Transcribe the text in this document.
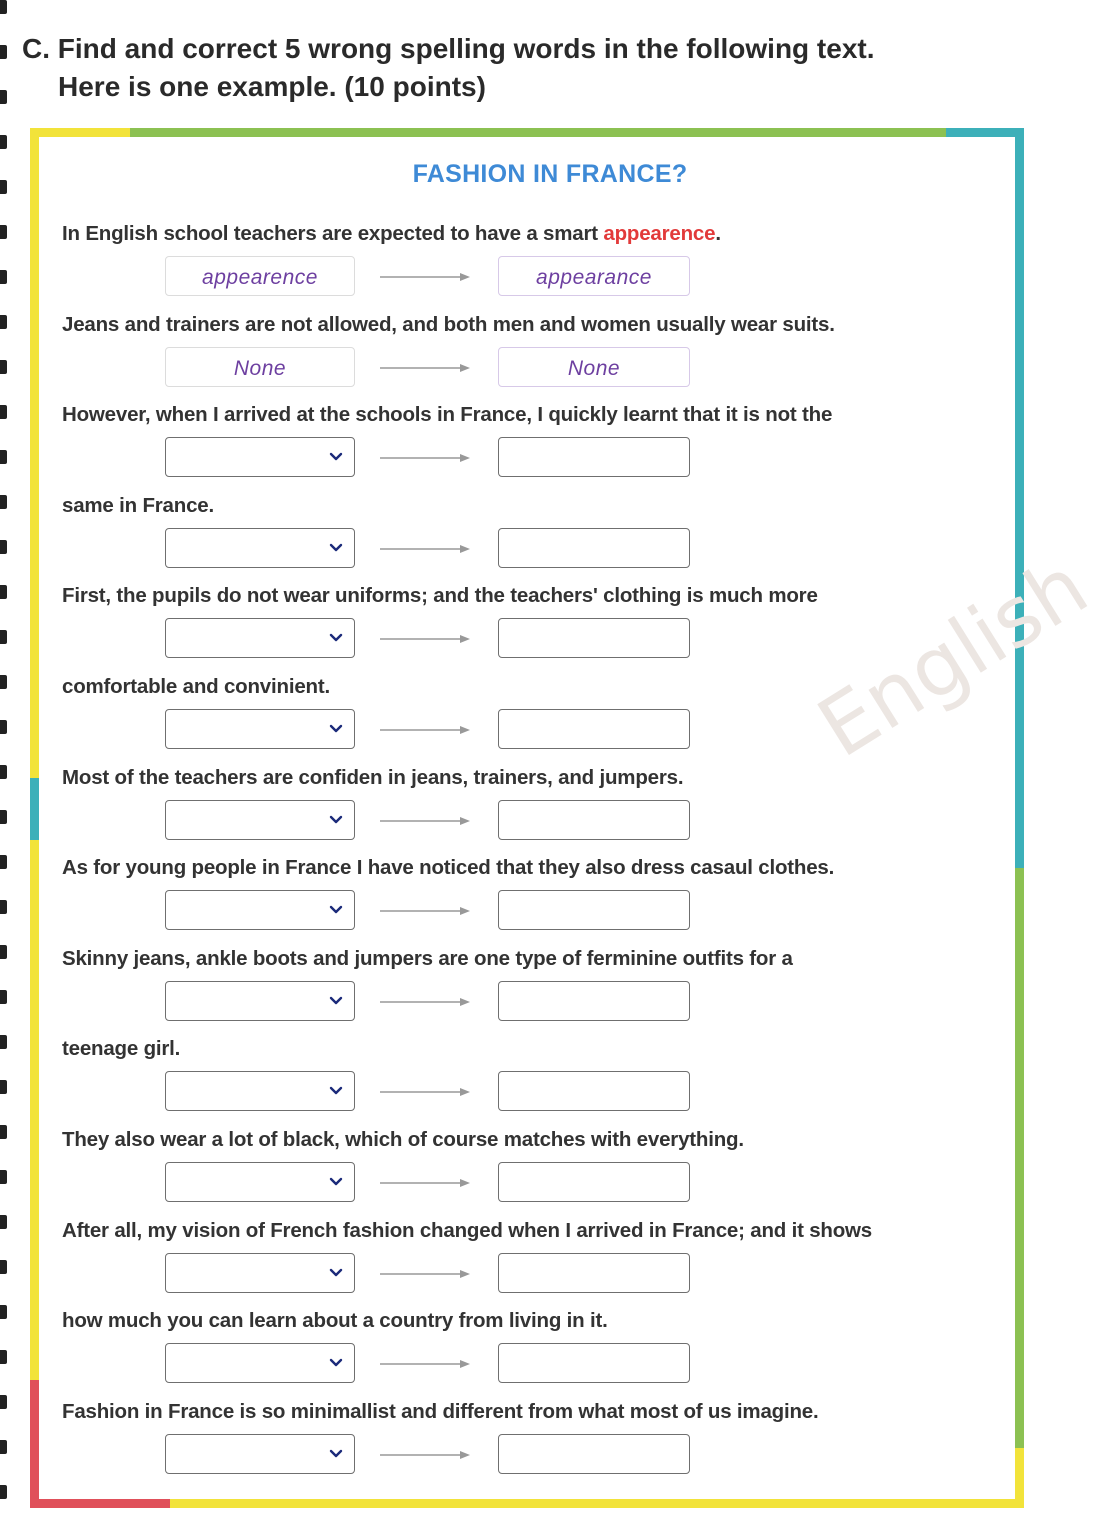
C. Find and correct 5 wrong spelling words in the following text.
Here is one example. (10 points)
English
FASHION IN FRANCE?
In English school teachers are expected to have a smart appearence.
appearence	appearance
Jeans and trainers are not allowed, and both men and women usually wear suits.
None	None
However, when I arrived at the schools in France, I quickly learnt that it is not the
same in France.
First, the pupils do not wear uniforms; and the teachers' clothing is much more
comfortable and convinient.
Most of the teachers are confiden in jeans, trainers, and jumpers.
As for young people in France I have noticed that they also dress casaul clothes.
Skinny jeans, ankle boots and jumpers are one type of ferminine outfits for a
teenage girl.
They also wear a lot of black, which of course matches with everything.
After all, my vision of French fashion changed when I arrived in France; and it shows
how much you can learn about a country from living in it.
Fashion in France is so minimallist and different from what most of us imagine.
